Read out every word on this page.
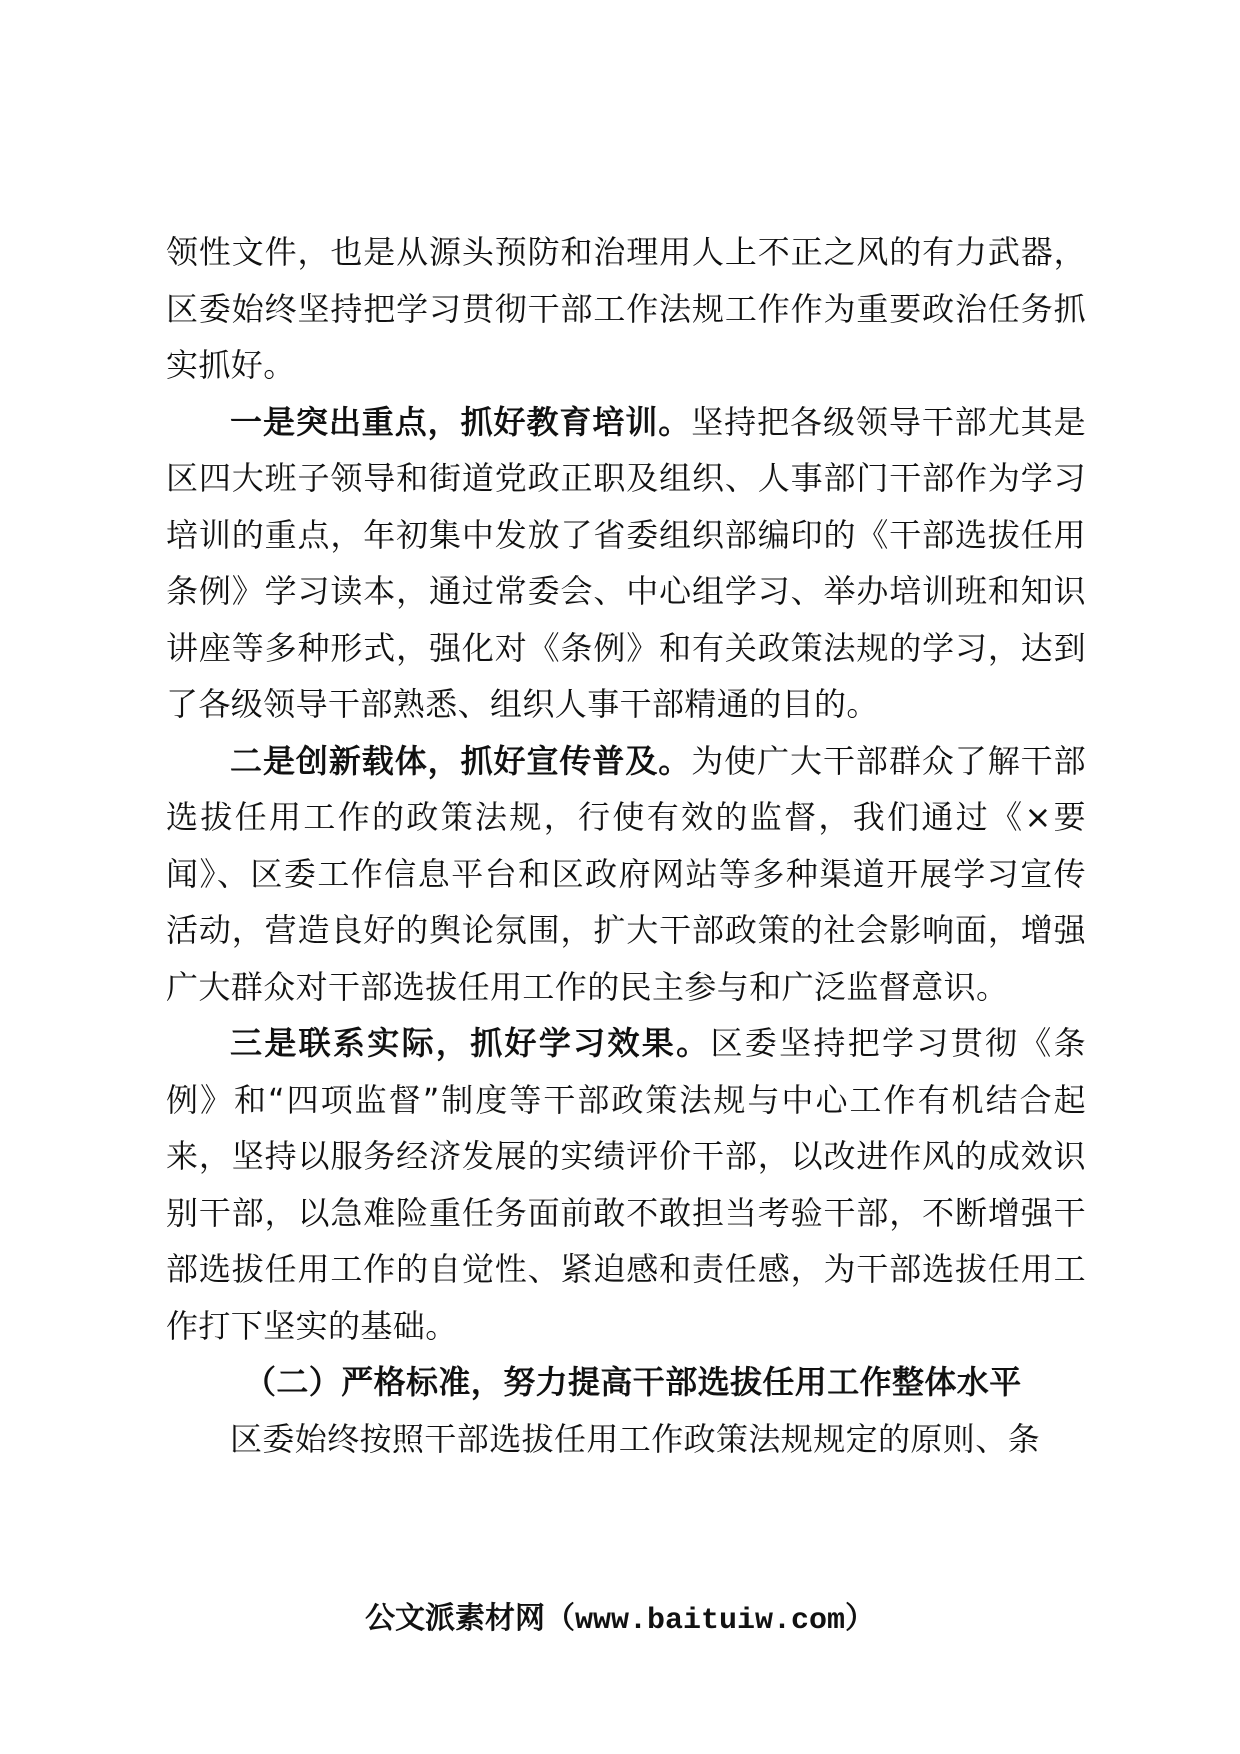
领性文件，也是从源头预防和治理用人上不正之风的有力武器，区委始终坚持把学习贯彻干部工作法规工作作为重要政治任务抓实抓好。

一是突出重点，抓好教育培训。坚持把各级领导干部尤其是区四大班子领导和街道党政正职及组织、人事部门干部作为学习培训的重点，年初集中发放了省委组织部编印的《干部选拔任用条例》学习读本，通过常委会、中心组学习、举办培训班和知识讲座等多种形式，强化对《条例》和有关政策法规的学习，达到了各级领导干部熟悉、组织人事干部精通的目的。

二是创新载体，抓好宣传普及。为使广大干部群众了解干部选拔任用工作的政策法规，行使有效的监督，我们通过《×要闻》、区委工作信息平台和区政府网站等多种渠道开展学习宣传活动，营造良好的舆论氛围，扩大干部政策的社会影响面，增强广大群众对干部选拔任用工作的民主参与和广泛监督意识。

三是联系实际，抓好学习效果。区委坚持把学习贯彻《条例》和“四项监督”制度等干部政策法规与中心工作有机结合起来，坚持以服务经济发展的实绩评价干部，以改进作风的成效识别干部，以急难险重任务面前敢不敢担当考验干部，不断增强干部选拔任用工作的自觉性、紧迫感和责任感，为干部选拔任用工作打下坚实的基础。

（二）严格标准，努力提高干部选拔任用工作整体水平

区委始终按照干部选拔任用工作政策法规规定的原则、条

公文派素材网（www.baituiw.com）
